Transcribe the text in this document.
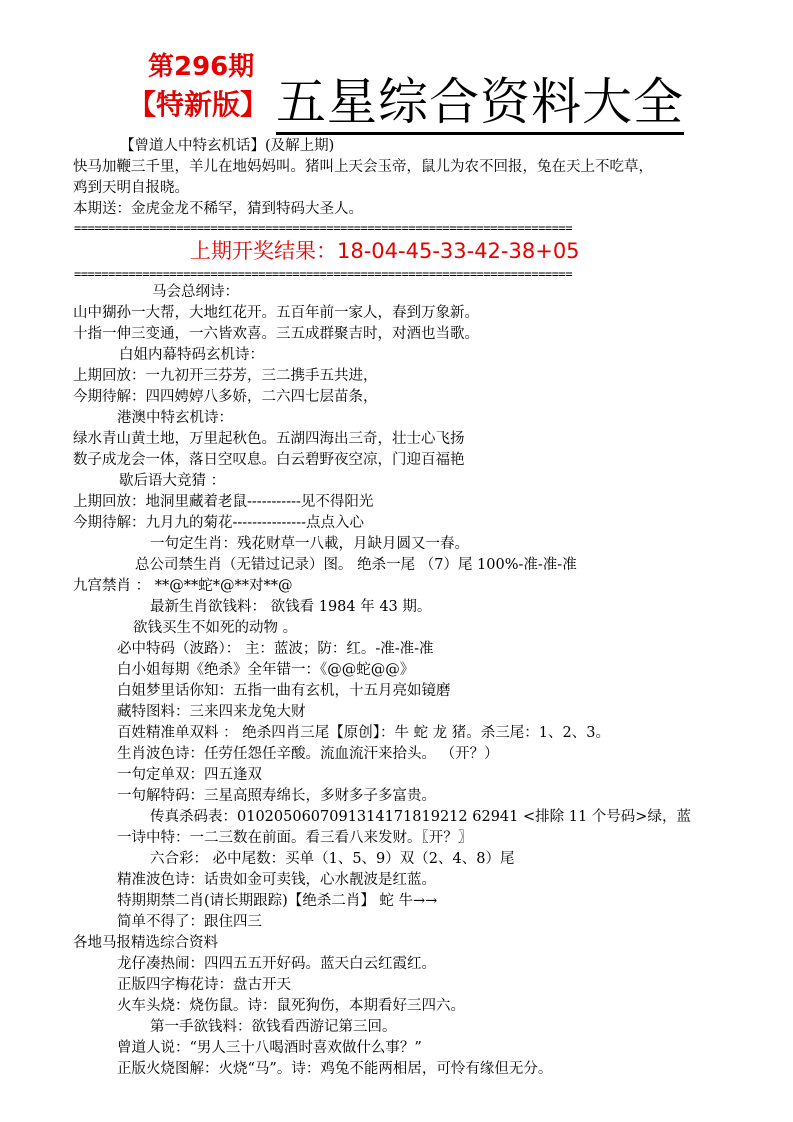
第296期
【特新版】 五星综合资料大全
【曾道人中特玄机话】(及解上期)
快马加鞭三千里，羊儿在地妈妈叫。猪叫上天会玉帝，鼠儿为农不回报，兔在天上不吃草，
鸡到天明自报晓。
本期送：金虎金龙不稀罕，猜到特码大圣人。
=========================================================================
上期开奖结果：18-04-45-33-42-38+05
=========================================================================
马会总纲诗：
山中猢孙一大帮，大地红花开。五百年前一家人，春到万象新。
十指一伸三变通，一六皆欢喜。三五成群聚吉时，对酒也当歌。
白姐内幕特码玄机诗：
上期回放：一九初开三芬芳，三二携手五共进，
今期待解：四四娉婷八多娇，二六四七层苗条，
港澳中特玄机诗：
绿水青山黄土地，万里起秋色。五湖四海出三奇，壮士心飞扬
数子成龙会一体，落日空叹息。白云碧野夜空凉，门迎百福艳
歇后语大竞猜 ：
上期回放：地洞里藏着老鼠-----------见不得阳光
今期待解：九月九的菊花---------------点点入心
一句定生肖：残花财草一八載，月缺月圆又一春。
总公司禁生肖（无错过记录）图。 绝杀一尾 （7）尾 100%-准-准-准
九宫禁肖 ： **@**蛇*@**对**@
最新生肖欲钱料： 欲钱看 1984 年 43 期。
欲钱买生不如死的动物 。
必中特码（波路）： 主：蓝波；防：红。-准-准-准
白小姐每期《绝杀》全年错一：《@@蛇@@》
白姐梦里话你知：五指一曲有玄机，十五月亮如镜磨
藏特图料：三来四来龙兔大财
百姓精准单双料 ： 绝杀四肖三尾【原创】：牛 蛇 龙 猪。杀三尾：1、2、3。
生肖波色诗：任劳任怨任辛酸。流血流汗来拾头。 （开？）
一句定单双：四五逢双
一句解特码：三星高照寿绵长，多财多子多富贵。
传真杀码表：0102050607091314171819212 62941 <排除 11 个号码>绿，蓝
一诗中特：一二三数在前面。看三看八来发财。〖开？〗
六合彩： 必中尾数：买单（1、5、9）双（2、4、8）尾
精准波色诗：话贵如金可卖钱，心水靓波是红蓝。
特期期禁二肖(请长期跟踪)【绝杀二肖】 蛇 牛→→
简单不得了：跟住四三
各地马报精选综合资料
龙仔凑热闹：四四五五开好码。蓝天白云红霞红。
正版四字梅花诗：盘古开天
火车头烧：烧伤鼠。诗：鼠死狗伤，本期看好三四六。
第一手欲钱料：欲钱看西游记第三回。
曾道人说：“男人三十八喝酒时喜欢做什么事？”
正版火烧图解：火烧“马”。诗：鸡兔不能两相居，可怜有缘但无分。
